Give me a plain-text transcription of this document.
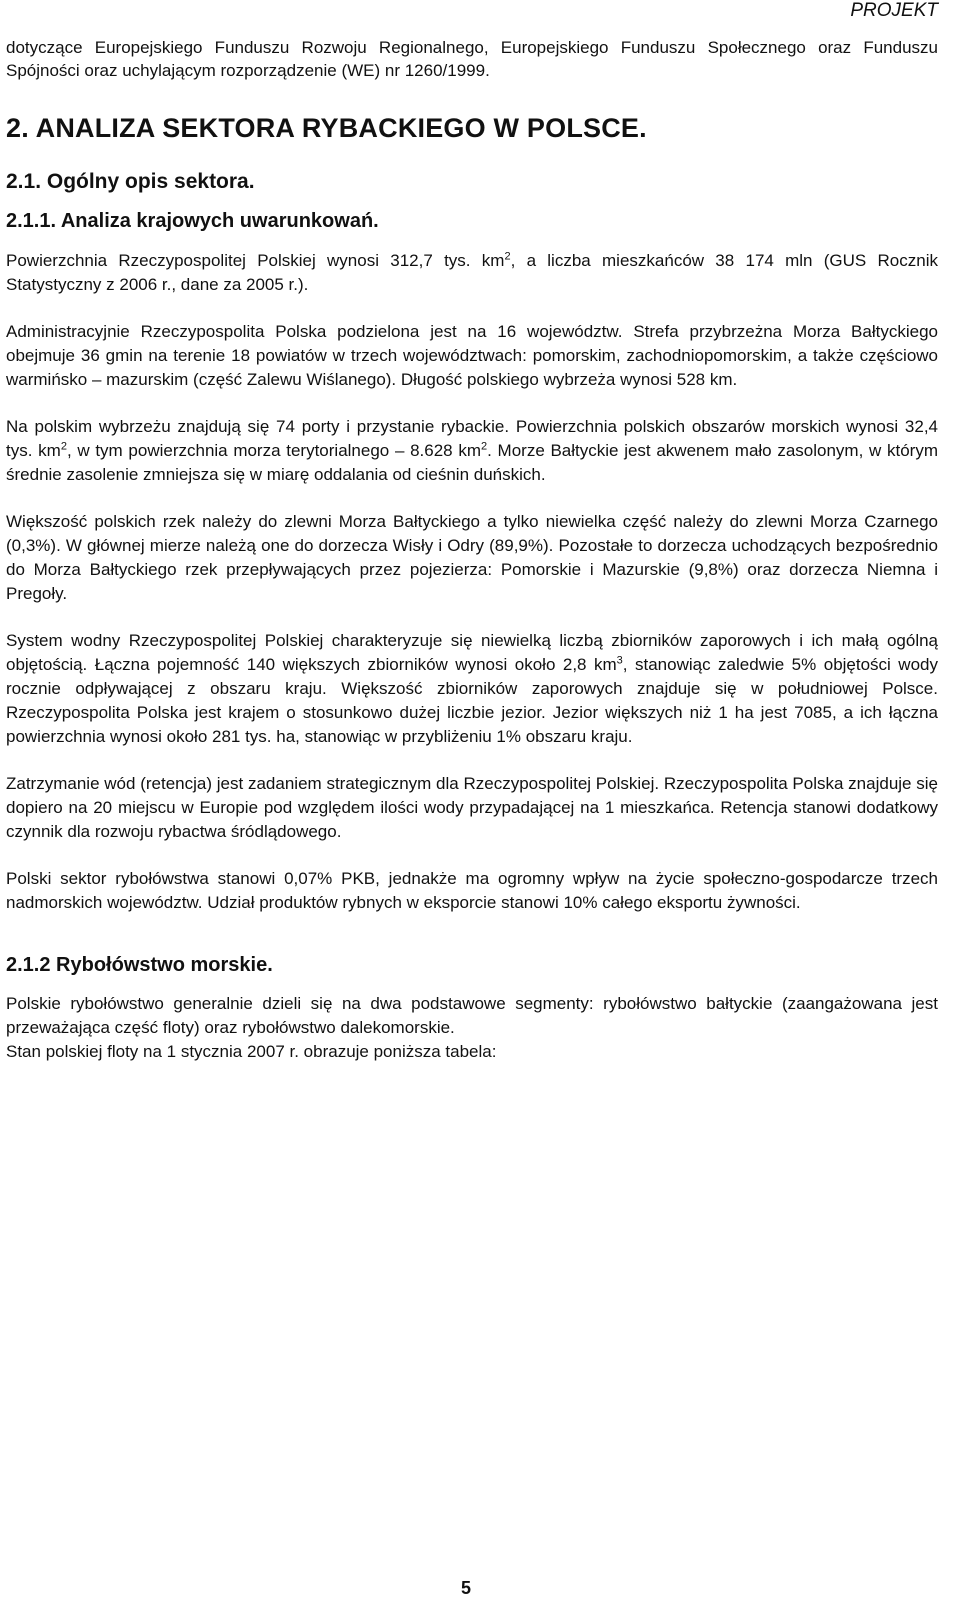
PROJEKT
dotyczące Europejskiego Funduszu Rozwoju Regionalnego, Europejskiego Funduszu Społecznego oraz Funduszu Spójności oraz uchylającym rozporządzenie (WE) nr 1260/1999.
2. ANALIZA SEKTORA RYBACKIEGO W POLSCE.
2.1. Ogólny opis sektora.
2.1.1. Analiza krajowych uwarunkowań.

Powierzchnia Rzeczypospolitej Polskiej wynosi 312,7 tys. $km^2$, a liczba mieszkańców 38 174 mln (GUS Rocznik Statystyczny z 2006 r., dane za 2005 r.).

Administracyjnie Rzeczypospolita Polska podzielona jest na 16 województw. Strefa przybrzeżna Morza Bałtyckiego obejmuje 36 gmin na terenie 18 powiatów w trzech województwach: pomorskim, zachodniopomorskim, a także częściowo warmińsko – mazurskim (część Zalewu Wiślanego). Długość polskiego wybrzeża wynosi 528 km.

Na polskim wybrzeżu znajdują się 74 porty i przystanie rybackie. Powierzchnia polskich obszarów morskich wynosi 32,4 tys. $km^2$, w tym powierzchnia morza terytorialnego – 8.628 $km^2$. Morze Bałtyckie jest akwenem mało zasolonym, w którym średnie zasolenie zmniejsza się w miarę oddalania od cieśnin duńskich.

Większość polskich rzek należy do zlewni Morza Bałtyckiego a tylko niewielka część należy do zlewni Morza Czarnego (0,3%). W głównej mierze należą one do dorzecza Wisły i Odry (89,9%). Pozostałe to dorzecza uchodzących bezpośrednio do Morza Bałtyckiego rzek przepływających przez pojezierza: Pomorskie i Mazurskie (9,8%) oraz dorzecza Niemna i Pregoły.

System wodny Rzeczypospolitej Polskiej charakteryzuje się niewielką liczbą zbiorników zaporowych i ich małą ogólną objętością. Łączna pojemność 140 większych zbiorników wynosi około 2,8 $km^3$, stanowiąc zaledwie 5% objętości wody rocznie odpływającej z obszaru kraju. Większość zbiorników zaporowych znajduje się w południowej Polsce. Rzeczypospolita Polska jest krajem o stosunkowo dużej liczbie jezior. Jezior większych niż 1 ha jest 7085, a ich łączna powierzchnia wynosi około 281 tys. ha, stanowiąc w przybliżeniu 1% obszaru kraju.

Zatrzymanie wód (retencja) jest zadaniem strategicznym dla Rzeczypospolitej Polskiej. Rzeczypospolita Polska znajduje się dopiero na 20 miejscu w Europie pod względem ilości wody przypadającej na 1 mieszkańca. Retencja stanowi dodatkowy czynnik dla rozwoju rybactwa śródlądowego.

Polski sektor rybołówstwa stanowi 0,07% PKB, jednakże ma ogromny wpływ na życie społeczno-gospodarcze trzech nadmorskich województw. Udział produktów rybnych w eksporcie stanowi 10% całego eksportu żywności.

2.1.2 Rybołówstwo morskie.

Polskie rybołówstwo generalnie dzieli się na dwa podstawowe segmenty: rybołówstwo bałtyckie (zaangażowana jest przeważająca część floty) oraz rybołówstwo dalekomorskie.

Stan polskiej floty na 1 stycznia 2007 r. obrazuje poniższa tabela:

5
